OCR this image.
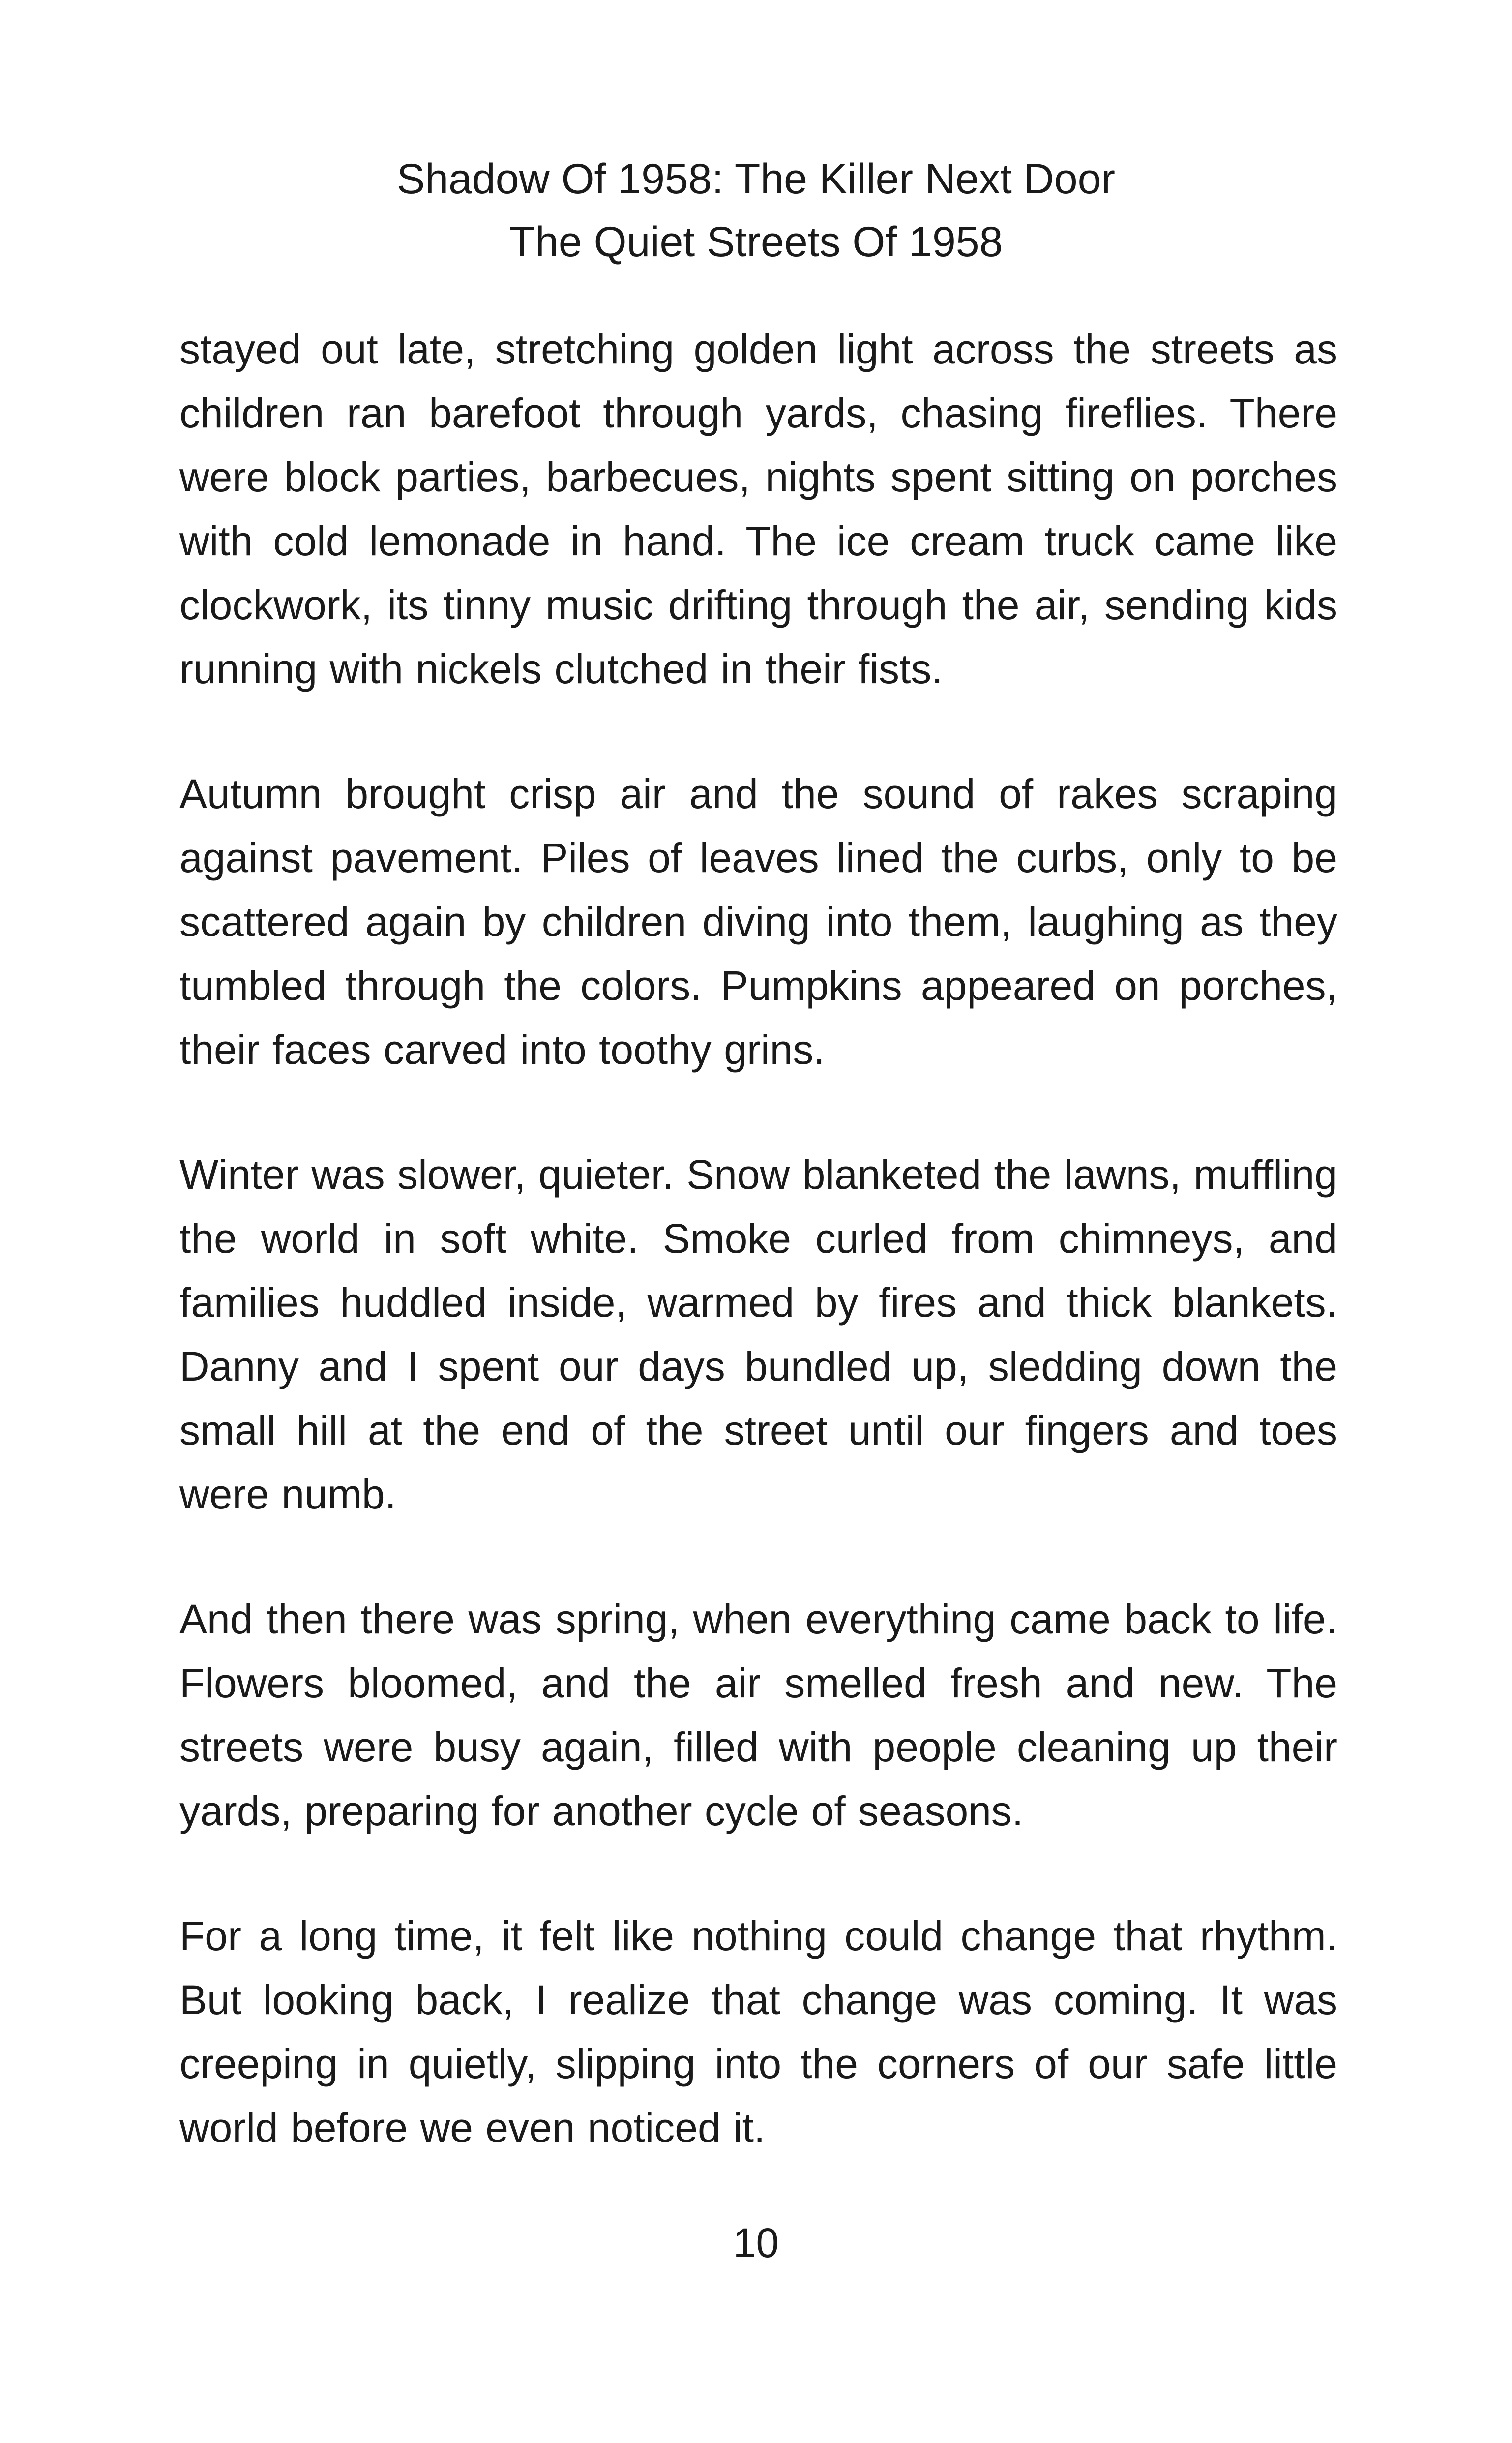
Shadow Of 1958: The Killer Next Door
The Quiet Streets Of 1958

stayed out late, stretching golden light across the streets as children ran barefoot through yards, chasing fireflies. There were block parties, barbecues, nights spent sitting on porches with cold lemonade in hand. The ice cream truck came like clockwork, its tinny music drifting through the air, sending kids running with nickels clutched in their fists.

Autumn brought crisp air and the sound of rakes scraping against pavement. Piles of leaves lined the curbs, only to be scattered again by children diving into them, laughing as they tumbled through the colors. Pumpkins appeared on porches, their faces carved into toothy grins.

Winter was slower, quieter. Snow blanketed the lawns, muffling the world in soft white. Smoke curled from chimneys, and families huddled inside, warmed by fires and thick blankets. Danny and I spent our days bundled up, sledding down the small hill at the end of the street until our fingers and toes were numb.

And then there was spring, when everything came back to life. Flowers bloomed, and the air smelled fresh and new. The streets were busy again, filled with people cleaning up their yards, preparing for another cycle of seasons.

For a long time, it felt like nothing could change that rhythm. But looking back, I realize that change was coming. It was creeping in quietly, slipping into the corners of our safe little world before we even noticed it.

10
